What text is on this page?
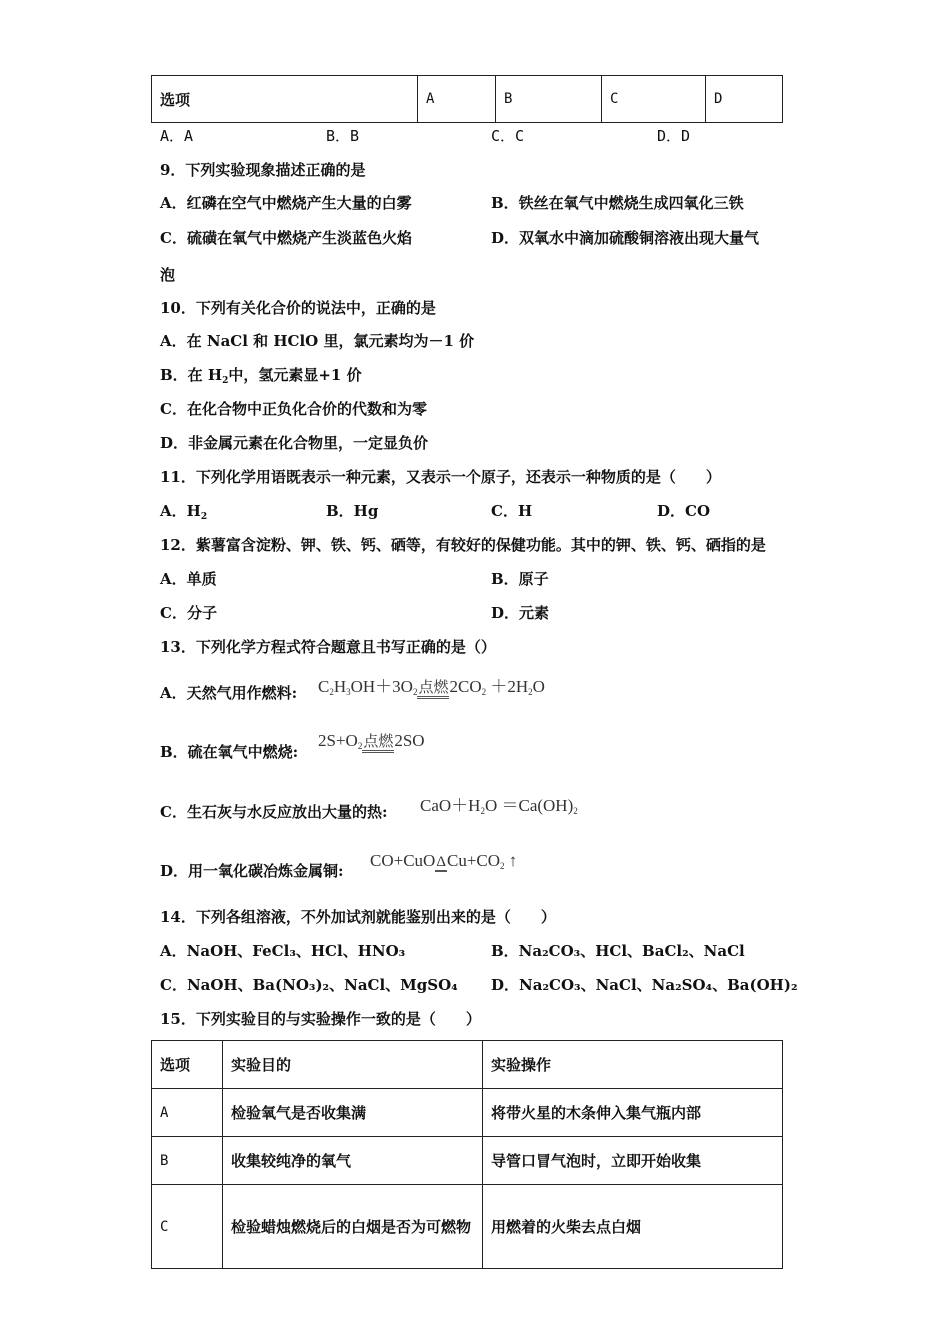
选项	A	B	C	D
A．A	B．B	C．C	D．D
9．下列实验现象描述正确的是
A．红磷在空气中燃烧产生大量的白雾	B．铁丝在氧气中燃烧生成四氧化三铁
C．硫磺在氧气中燃烧产生淡蓝色火焰	D．双氧水中滴加硫酸铜溶液出现大量气
泡
10．下列有关化合价的说法中，正确的是
A．在 NaCl 和 HClO 里，氯元素均为－1 价
B．在 $H_2$中，氢元素显+1 价
C．在化合物中正负化合价的代数和为零
D．非金属元素在化合物里，一定显负价
11．下列化学用语既表示一种元素，又表示一个原子，还表示一种物质的是（　　）
A．$H_2$	B．Hg	C．H	D．CO
12．紫薯富含淀粉、钾、铁、钙、硒等，有较好的保健功能。其中的钾、铁、钙、硒指的是
A．单质	B．原子
C．分子	D．元素
13．下列化学方程式符合题意且书写正确的是（）
A．天然气用作燃料: $C_2H_3OH+3O_2$点燃$2CO_2 +2H_2O$
B．硫在氧气中燃烧:
$2S+O_2$点燃2SO
C．生石灰与水反应放出大量的热: $CaO+H_2O =Ca(OH)_2$
D．用一氧化碳冶炼金属铜:
$CO+CuO\Delta Cu+CO_2$ ↑
14．下列各组溶液，不外加试剂就能鉴别出来的是（　　）
A．NaOH、FeCl₃、HCl、HNO₃	B．Na₂CO₃、HCl、BaCl₂、NaCl
C．NaOH、Ba(NO₃)₂、NaCl、MgSO₄ D．Na₂CO₃、NaCl、Na₂SO₄、Ba(OH)₂
15．下列实验目的与实验操作一致的是（　　）
选项	实验目的	实验操作
A	检验氧气是否收集满	将带火星的木条伸入集气瓶内部
B	收集较纯净的氧气	导管口冒气泡时，立即开始收集
C	检验蜡烛燃烧后的白烟是否为可燃物	用燃着的火柴去点白烟
